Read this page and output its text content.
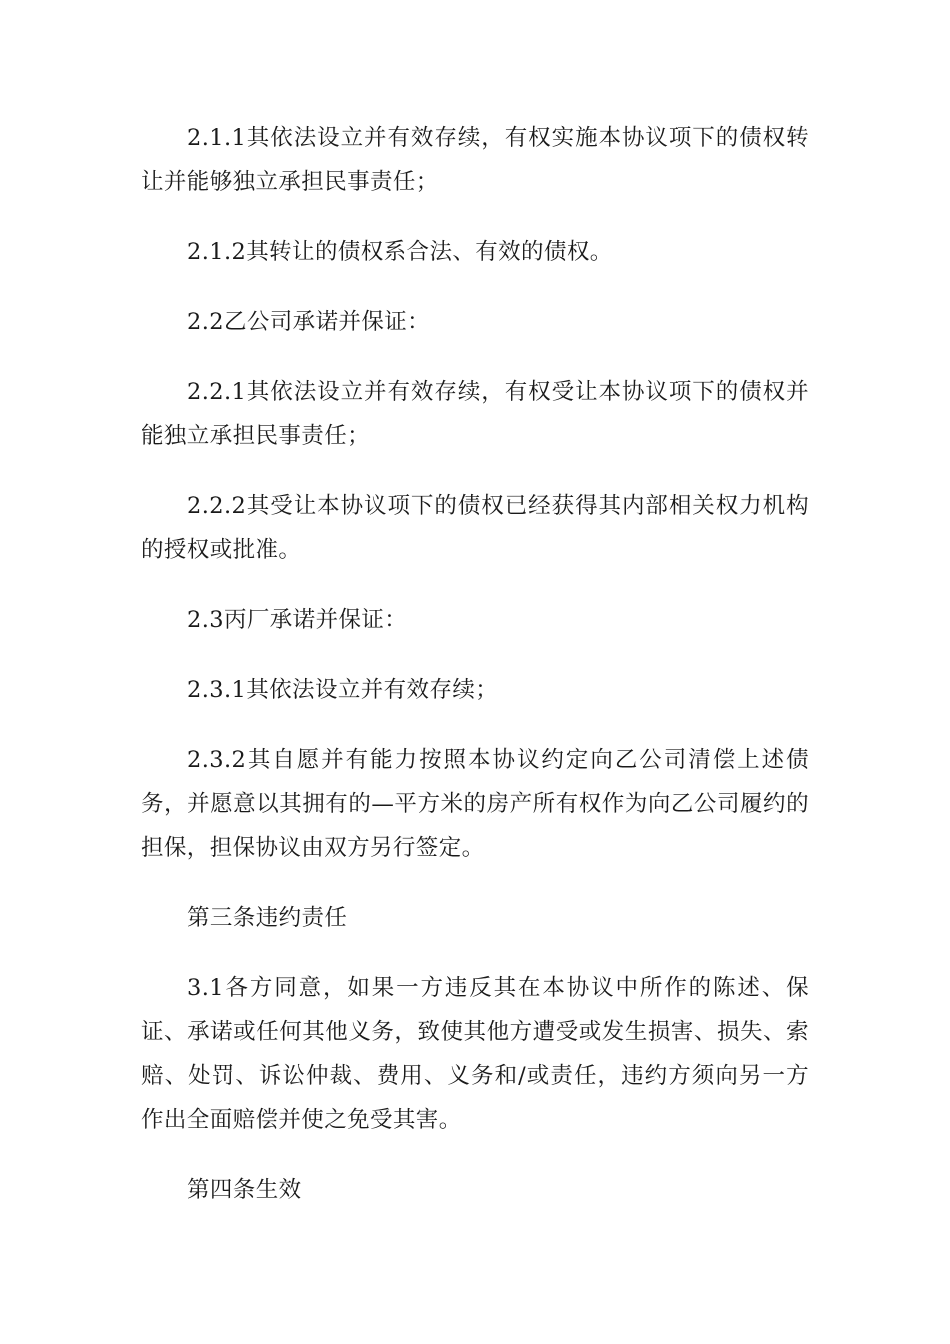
2.1.1其依法设立并有效存续，有权实施本协议项下的债权转让并能够独立承担民事责任；

2.1.2其转让的债权系合法、有效的债权。

2.2乙公司承诺并保证：

2.2.1其依法设立并有效存续，有权受让本协议项下的债权并能独立承担民事责任；

2.2.2其受让本协议项下的债权已经获得其内部相关权力机构的授权或批准。

2.3丙厂承诺并保证：

2.3.1其依法设立并有效存续；

2.3.2其自愿并有能力按照本协议约定向乙公司清偿上述债务，并愿意以其拥有的—平方米的房产所有权作为向乙公司履约的担保，担保协议由双方另行签定。

第三条违约责任

3.1各方同意，如果一方违反其在本协议中所作的陈述、保证、承诺或任何其他义务，致使其他方遭受或发生损害、损失、索赔、处罚、诉讼仲裁、费用、义务和/或责任，违约方须向另一方作出全面赔偿并使之免受其害。

第四条生效
